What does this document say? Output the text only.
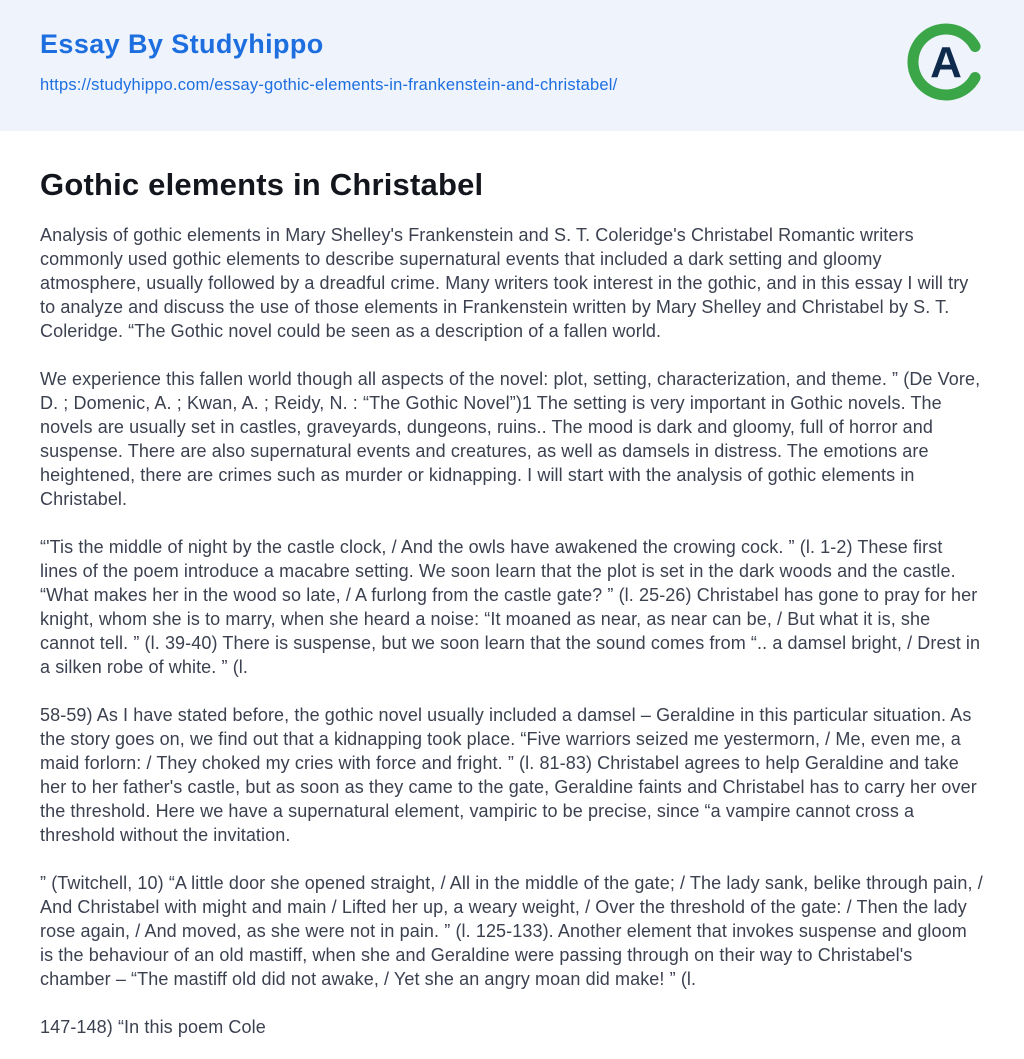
Essay By Studyhippo
https://studyhippo.com/essay-gothic-elements-in-frankenstein-and-christabel/	A
Gothic elements in Christabel

Analysis of gothic elements in Mary Shelley's Frankenstein and S. T. Coleridge's Christabel Romantic writers commonly used gothic elements to describe supernatural events that included a dark setting and gloomy atmosphere, usually followed by a dreadful crime. Many writers took interest in the gothic, and in this essay I will try to analyze and discuss the use of those elements in Frankenstein written by Mary Shelley and Christabel by S. T. Coleridge. “The Gothic novel could be seen as a description of a fallen world.

We experience this fallen world though all aspects of the novel: plot, setting, characterization, and theme. ” (De Vore, D. ; Domenic, A. ; Kwan, A. ; Reidy, N. : “The Gothic Novel”)1 The setting is very important in Gothic novels. The novels are usually set in castles, graveyards, dungeons, ruins.. The mood is dark and gloomy, full of horror and suspense. There are also supernatural events and creatures, as well as damsels in distress. The emotions are heightened, there are crimes such as murder or kidnapping. I will start with the analysis of gothic elements in Christabel.

“'Tis the middle of night by the castle clock, / And the owls have awakened the crowing cock. ” (l. 1-2) These first lines of the poem introduce a macabre setting. We soon learn that the plot is set in the dark woods and the castle. “What makes her in the wood so late, / A furlong from the castle gate? ” (l. 25-26) Christabel has gone to pray for her knight, whom she is to marry, when she heard a noise: “It moaned as near, as near can be, / But what it is, she cannot tell. ” (l. 39-40) There is suspense, but we soon learn that the sound comes from “.. a damsel bright, / Drest in a silken robe of white. ” (l.

58-59) As I have stated before, the gothic novel usually included a damsel – Geraldine in this particular situation. As the story goes on, we find out that a kidnapping took place. “Five warriors seized me yestermorn, / Me, even me, a maid forlorn: / They choked my cries with force and fright. ” (l. 81-83) Christabel agrees to help Geraldine and take her to her father's castle, but as soon as they came to the gate, Geraldine faints and Christabel has to carry her over the threshold. Here we have a supernatural element, vampiric to be precise, since “a vampire cannot cross a threshold without the invitation.

” (Twitchell, 10) “A little door she opened straight, / All in the middle of the gate; / The lady sank, belike through pain, / And Christabel with might and main / Lifted her up, a weary weight, / Over the threshold of the gate: / Then the lady rose again, / And moved, as she were not in pain. ” (l. 125-133). Another element that invokes suspense and gloom is the behaviour of an old mastiff, when she and Geraldine were passing through on their way to Christabel's chamber – “The mastiff old did not awake, / Yet she an angry moan did make! ” (l.

147-148) “In this poem Cole
